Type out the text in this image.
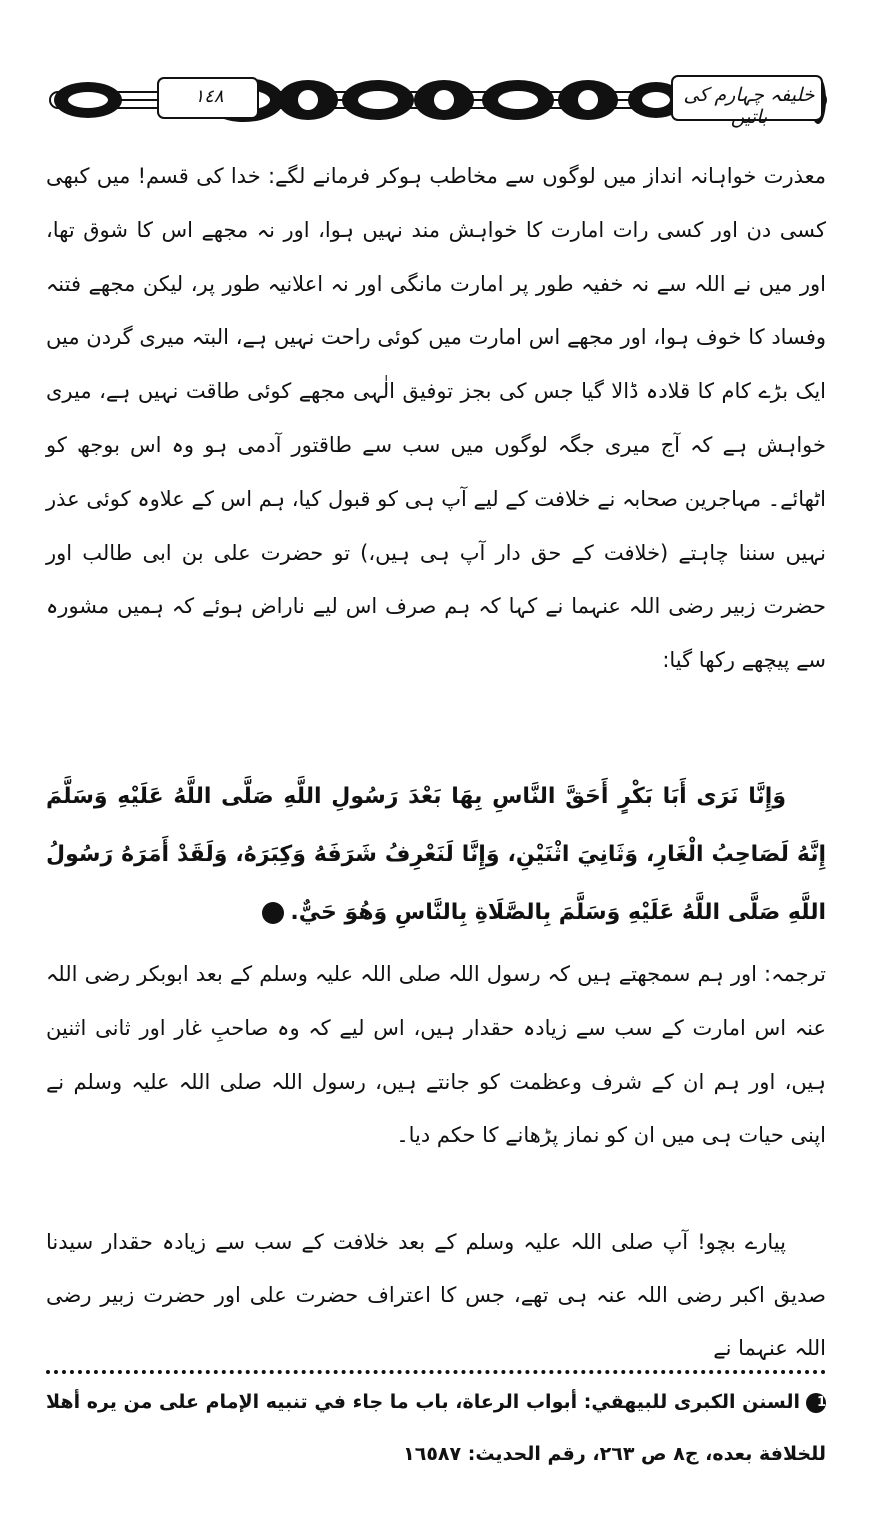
١٤٨	خلیفہ چہارم کی باتیں
معذرت خواہانہ انداز میں لوگوں سے مخاطب ہوکر فرمانے لگے: خدا کی قسم! میں کبھی کسی دن اور کسی رات امارت کا خواہش مند نہیں ہوا، اور نہ مجھے اس کا شوق تھا، اور میں نے اللہ سے نہ خفیہ طور پر امارت مانگی اور نہ اعلانیہ طور پر، لیکن مجھے فتنہ وفساد کا خوف ہوا، اور مجھے اس امارت میں کوئی راحت نہیں ہے، البتہ میری گردن میں ایک بڑے کام کا قلادہ ڈالا گیا جس کی بجز توفیق الٰہی مجھے کوئی طاقت نہیں ہے، میری خواہش ہے کہ آج میری جگہ لوگوں میں سب سے طاقتور آدمی ہو وہ اس بوجھ کو اٹھائے۔ مہاجرین صحابہ نے خلافت کے لیے آپ ہی کو قبول کیا، ہم اس کے علاوہ کوئی عذر نہیں سننا چاہتے (خلافت کے حق دار آپ ہی ہیں،) تو حضرت علی بن ابی طالب اور حضرت زبیر رضی اللہ عنہما نے کہا کہ ہم صرف اس لیے ناراض ہوئے کہ ہمیں مشورہ سے پیچھے رکھا گیا:
وَإِنَّا نَرَى أَبَا بَكْرٍ أَحَقَّ النَّاسِ بِهَا بَعْدَ رَسُولِ اللَّهِ صَلَّى اللَّهُ عَلَيْهِ وَسَلَّمَ إِنَّهُ لَصَاحِبُ الْغَارِ، وَثَانِيَ اثْنَيْنِ، وَإِنَّا لَنَعْرِفُ شَرَفَهُ وَكِبَرَهُ، وَلَقَدْ أَمَرَهُ رَسُولُ اللَّهِ صَلَّى اللَّهُ عَلَيْهِ وَسَلَّمَ بِالصَّلَاةِ بِالنَّاسِ وَهُوَ حَيٌّ.1
ترجمہ: اور ہم سمجھتے ہیں کہ رسول اللہ صلی اللہ علیہ وسلم کے بعد ابوبکر رضی اللہ عنہ اس امارت کے سب سے زیادہ حقدار ہیں، اس لیے کہ وہ صاحبِ غار اور ثانی اثنین ہیں، اور ہم ان کے شرف وعظمت کو جانتے ہیں، رسول اللہ صلی اللہ علیہ وسلم نے اپنی حیات ہی میں ان کو نماز پڑھانے کا حکم دیا۔
پیارے بچو! آپ صلی اللہ علیہ وسلم کے بعد خلافت کے سب سے زیادہ حقدار سیدنا صدیق اکبر رضی اللہ عنہ ہی تھے، جس کا اعتراف حضرت علی اور حضرت زبیر رضی اللہ عنہما نے
1السنن الكبرى للبيهقي: أبواب الرعاة، باب ما جاء في تنبيه الإمام على من يره أهلا للخلافة بعده، ج٨ ص ٢٦٣، رقم الحديث: ١٦٥٨٧
